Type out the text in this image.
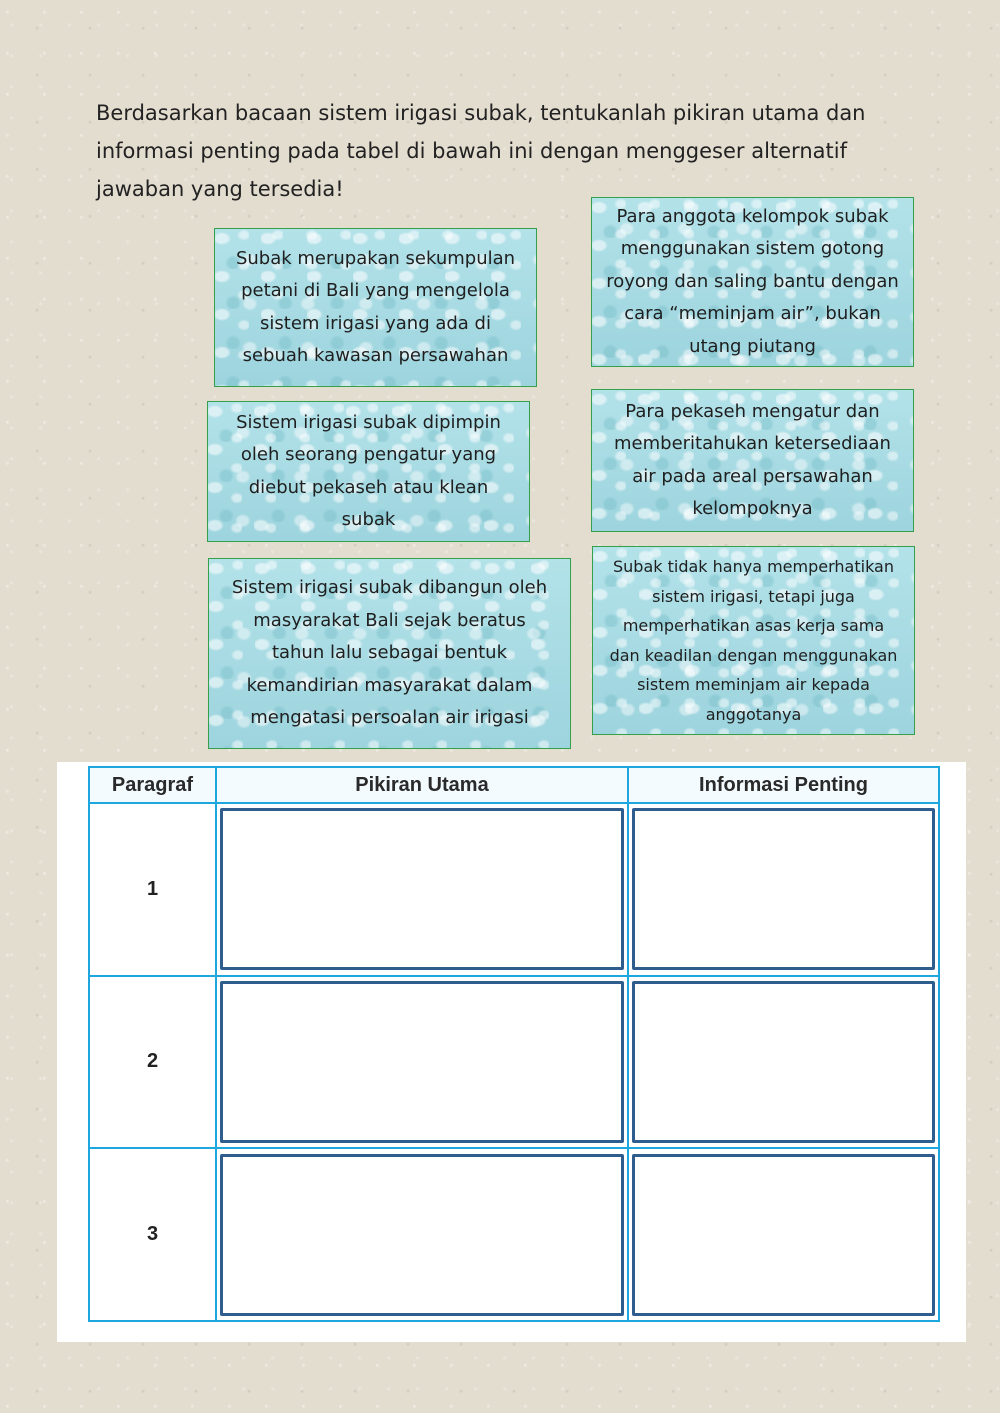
Berdasarkan bacaan sistem irigasi subak, tentukanlah pikiran utama dan
informasi penting pada tabel di bawah ini dengan menggeser alternatif
jawaban yang tersedia!
Subak merupakan sekumpulan
petani di Bali yang mengelola
sistem irigasi yang ada di
sebuah kawasan persawahan
Para anggota kelompok subak
menggunakan sistem gotong
royong dan saling bantu dengan
cara “meminjam air”, bukan
utang piutang
Sistem irigasi subak dipimpin
oleh seorang pengatur yang
diebut pekaseh atau klean
subak
Para pekaseh mengatur dan
memberitahukan ketersediaan
air pada areal persawahan
kelompoknya
Sistem irigasi subak dibangun oleh
masyarakat Bali sejak beratus
tahun lalu sebagai bentuk
kemandirian masyarakat dalam
mengatasi persoalan air irigasi
Subak tidak hanya memperhatikan
sistem irigasi, tetapi juga
memperhatikan asas kerja sama
dan keadilan dengan menggunakan
sistem meminjam air kepada
anggotanya
Paragraf	Pikiran Utama	Informasi Penting
1	

2	

3	
